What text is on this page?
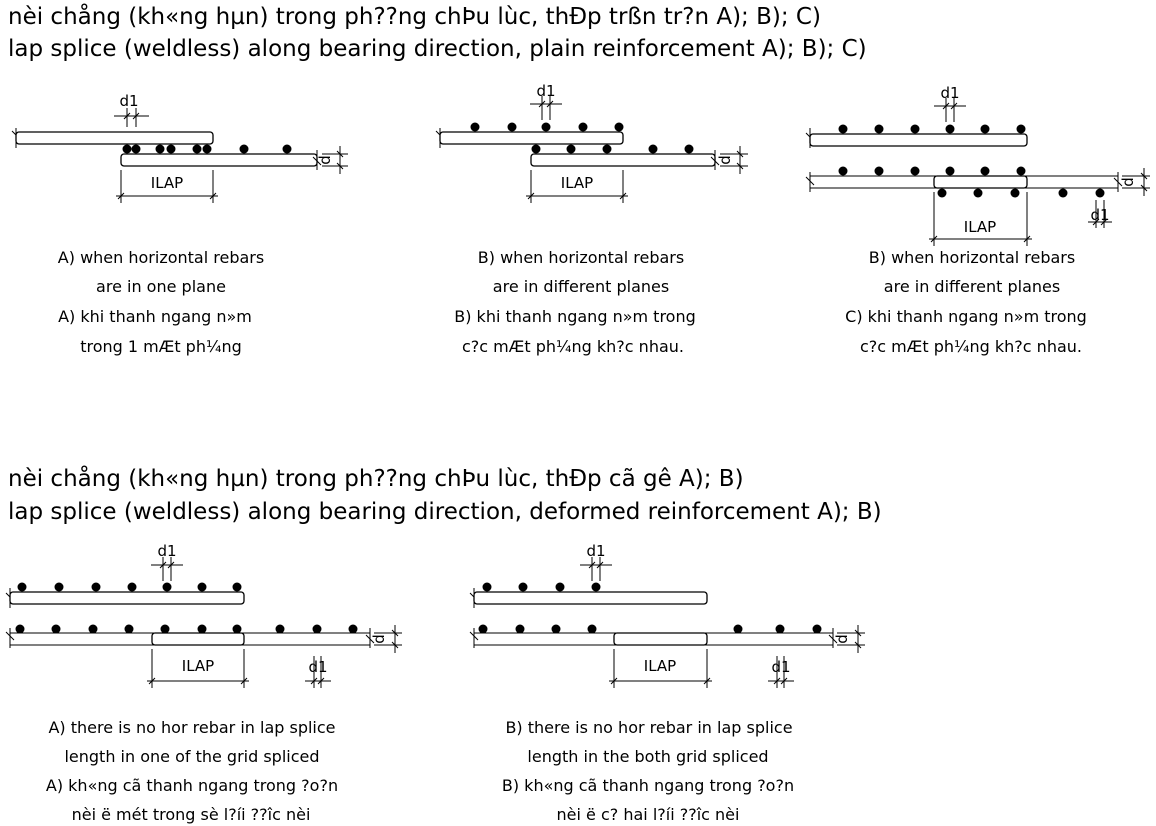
nèi chång (kh«ng hµn) trong ph??ng chÞu lùc, thÐp trßn tr?n A); B); C)
lap splice (weldless) along bearing direction, plain reinforcement A); B); C)
nèi chång (kh«ng hµn) trong ph??ng chÞu lùc, thÐp cã gê A); B)
lap splice (weldless) along bearing direction, deformed reinforcement A); B)
d1
d
ILAP
A) when horizontal rebars
are in one plane
A) khi thanh ngang n»m
trong 1 mÆt ph¼ng
d1
d
ILAP
B) when horizontal rebars
are in different planes
B) khi thanh ngang n»m trong
c?c mÆt ph¼ng kh?c nhau.
d1
d1
d
ILAP
B) when horizontal rebars
are in different planes
C) khi thanh ngang n»m trong
c?c mÆt ph¼ng kh?c nhau.
d1
d1
d
ILAP
A) there is no hor rebar in lap splice
length in one of the grid spliced
A) kh«ng cã thanh ngang trong ?o?n
nèi ë mét trong sè l?íi ??îc nèi
d1
d1
d
ILAP
B) there is no hor rebar in lap splice
length in the both grid spliced
B) kh«ng cã thanh ngang trong ?o?n
nèi ë c? hai l?íi ??îc nèi
